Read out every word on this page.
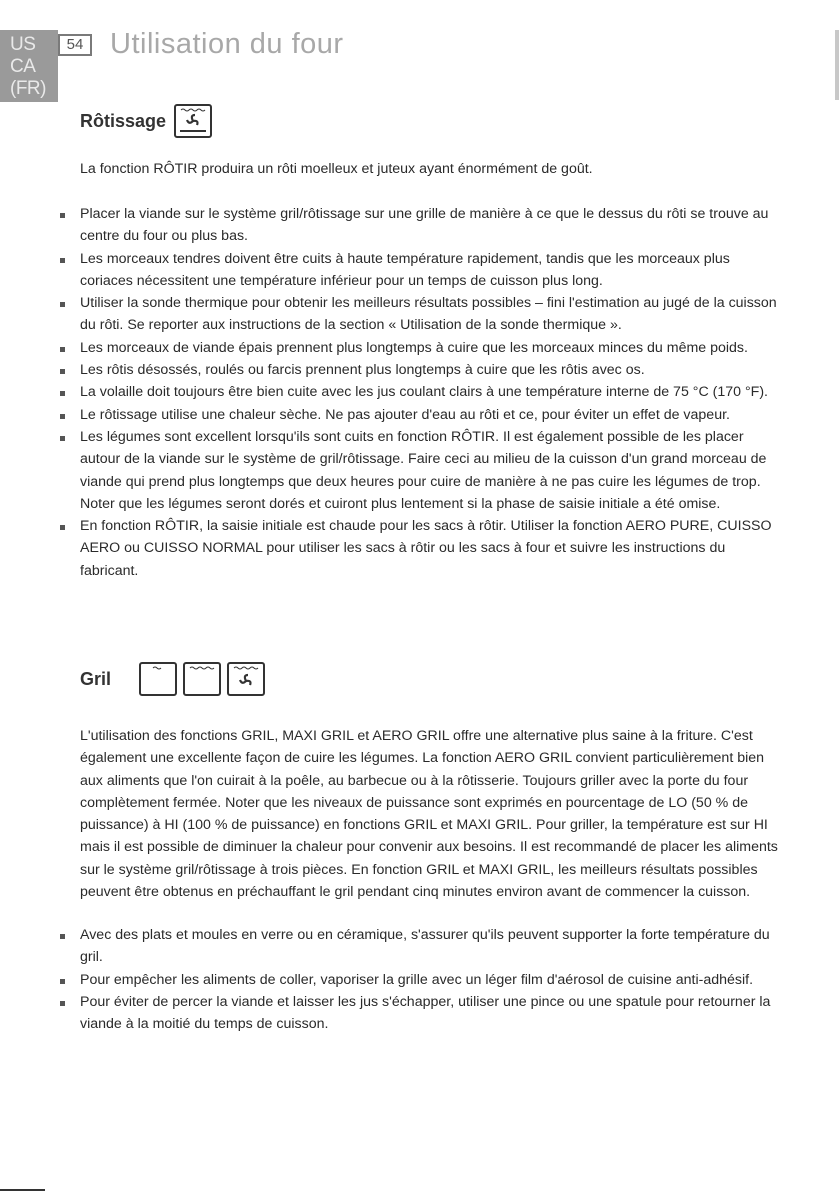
US
CA
(FR)
54 Utilisation du four
Rôtissage

La fonction RÔTIR produira un rôti moelleux et juteux ayant énormément de goût.

Placer la viande sur le système gril/rôtissage sur une grille de manière à ce que le dessus du rôti se trouve au centre du four ou plus bas.
Les morceaux tendres doivent être cuits à haute température rapidement, tandis que les morceaux plus coriaces nécessitent une température inférieur pour un temps de cuisson plus long.
Utiliser la sonde thermique pour obtenir les meilleurs résultats possibles – fini l'estimation au jugé de la cuisson du rôti. Se reporter aux instructions de la section « Utilisation de la sonde thermique ».
Les morceaux de viande épais prennent plus longtemps à cuire que les morceaux minces du même poids.
Les rôtis désossés, roulés ou farcis prennent plus longtemps à cuire que les rôtis avec os.
La volaille doit toujours être bien cuite avec les jus coulant clairs à une température interne de 75 °C (170 °F).
Le rôtissage utilise une chaleur sèche. Ne pas ajouter d'eau au rôti et ce, pour éviter un effet de vapeur.
Les légumes sont excellent lorsqu'ils sont cuits en fonction RÔTIR. Il est également possible de les placer autour de la viande sur le système de gril/rôtissage. Faire ceci au milieu de la cuisson d'un grand morceau de viande qui prend plus longtemps que deux heures pour cuire de manière à ne pas cuire les légumes de trop. Noter que les légumes seront dorés et cuiront plus lentement si la phase de saisie initiale a été omise.
En fonction RÔTIR, la saisie initiale est chaude pour les sacs à rôtir. Utiliser la fonction AERO PURE, CUISSO AERO ou CUISSO NORMAL pour utiliser les sacs à rôtir ou les sacs à four et suivre les instructions du fabricant.
Gril

L'utilisation des fonctions GRIL, MAXI GRIL et AERO GRIL offre une alternative plus saine à la friture. C'est également une excellente façon de cuire les légumes. La fonction AERO GRIL convient particulièrement bien aux aliments que l'on cuirait à la poêle, au barbecue ou à la rôtisserie. Toujours griller avec la porte du four complètement fermée. Noter que les niveaux de puissance sont exprimés en pourcentage de LO (50 % de puissance) à HI (100 % de puissance) en fonctions GRIL et MAXI GRIL. Pour griller, la température est sur HI mais il est possible de diminuer la chaleur pour convenir aux besoins. Il est recommandé de placer les aliments sur le système gril/rôtissage à trois pièces. En fonction GRIL et MAXI GRIL, les meilleurs résultats possibles peuvent être obtenus en préchauffant le gril pendant cinq minutes environ avant de commencer la cuisson.

Avec des plats et moules en verre ou en céramique, s'assurer qu'ils peuvent supporter la forte température du gril.
Pour empêcher les aliments de coller, vaporiser la grille avec un léger film d'aérosol de cuisine anti-adhésif.
Pour éviter de percer la viande et laisser les jus s'échapper, utiliser une pince ou une spatule pour retourner la viande à la moitié du temps de cuisson.
